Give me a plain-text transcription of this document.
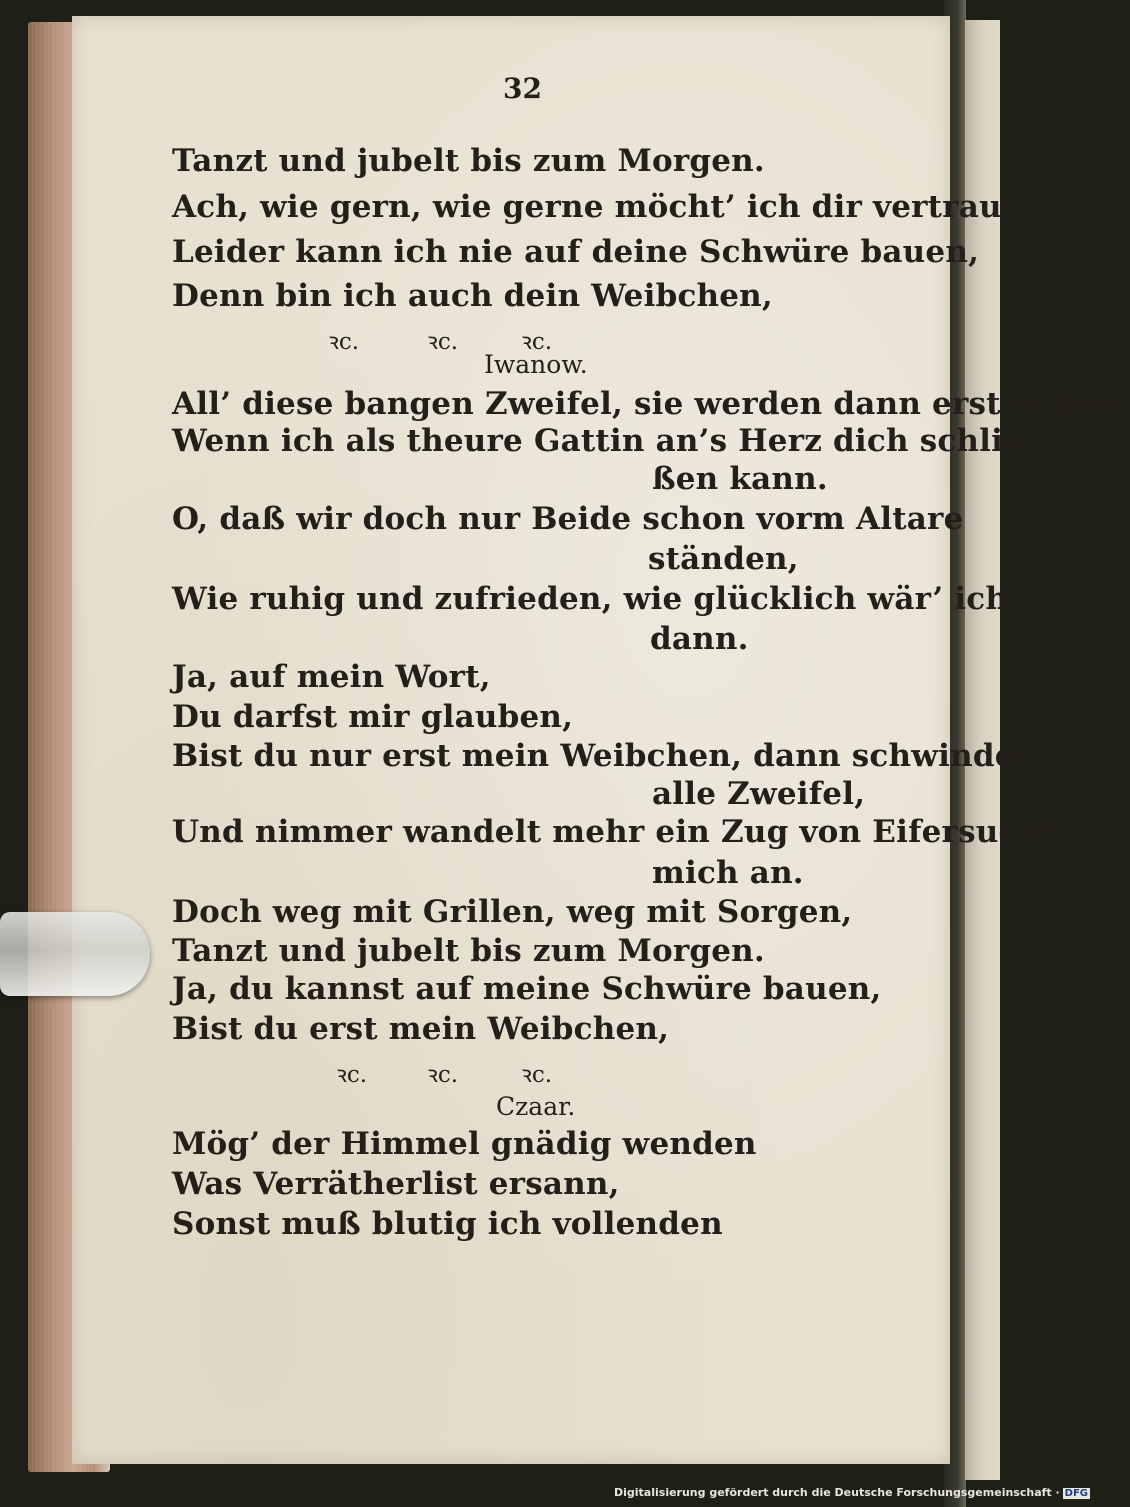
32
Tanzt und jubelt bis zum Morgen.
Ach, wie gern, wie gerne möcht’ ich dir vertrau’n,
Leider kann ich nie auf deine Schwüre bauen,
Denn bin ich auch dein Weibchen,
ꝛc.	ꝛc.	ꝛc.
Iwanow.
All’ diese bangen Zweifel, sie werden dann erst enden,
Wenn ich als theure Gattin an’s Herz dich schlie=
ßen kann.
O, daß wir doch nur Beide schon vorm Altare
ständen,
Wie ruhig und zufrieden, wie glücklich wär’ ich
dann.
Ja, auf mein Wort,
Du darfst mir glauben,
Bist du nur erst mein Weibchen, dann schwinden
alle Zweifel,
Und nimmer wandelt mehr ein Zug von Eifersucht
mich an.
Doch weg mit Grillen, weg mit Sorgen,
Tanzt und jubelt bis zum Morgen.
Ja, du kannst auf meine Schwüre bauen,
Bist du erst mein Weibchen,
ꝛc.	ꝛc.	ꝛc.
Czaar.
Mög’ der Himmel gnädig wenden
Was Verrätherlist ersann,
Sonst muß blutig ich vollenden
Digitalisierung gefördert durch die Deutsche Forschungsgemeinschaft · DFG
